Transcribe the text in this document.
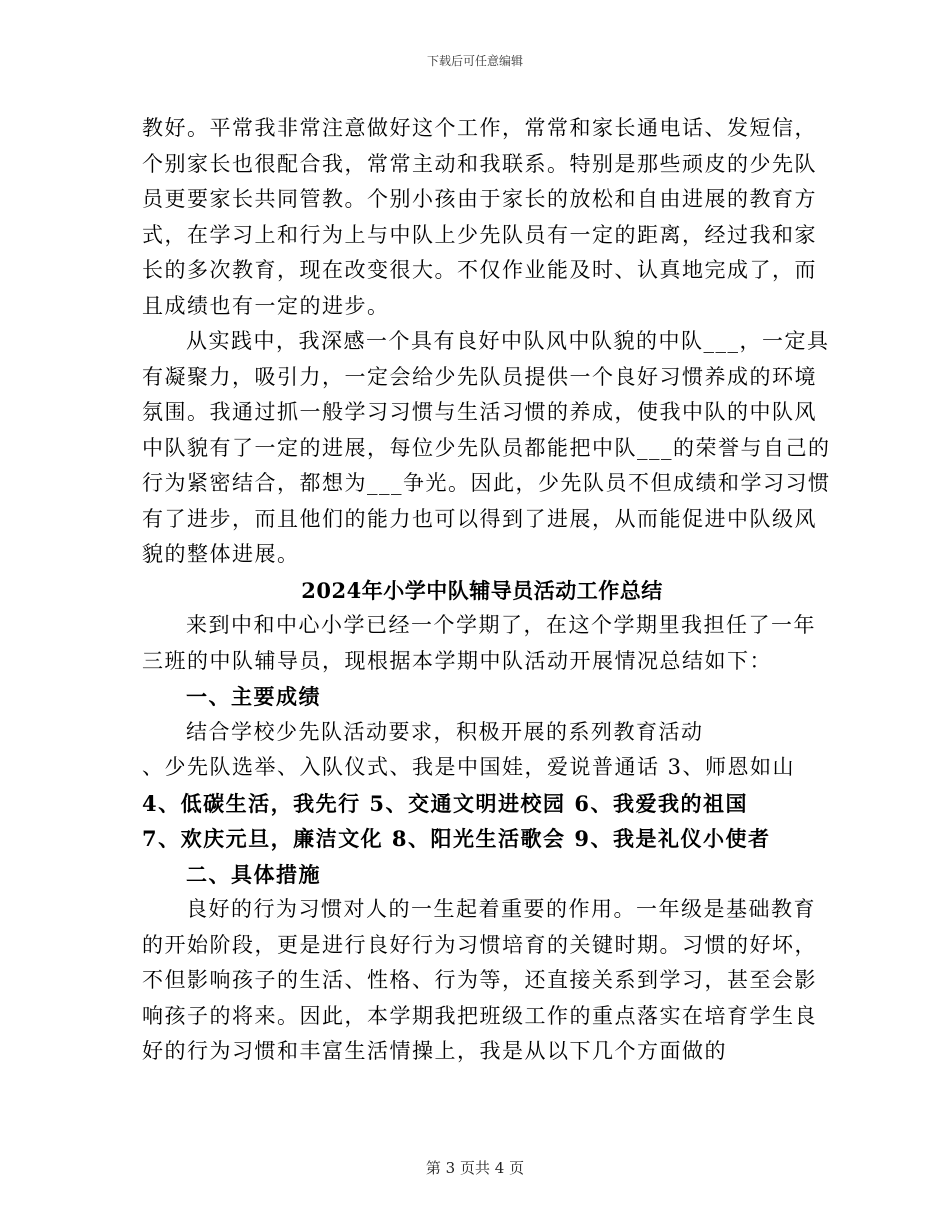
下载后可任意编辑
教好。平常我非常注意做好这个工作，常常和家长通电话、发短信，
个别家长也很配合我，常常主动和我联系。特别是那些顽皮的少先队
员更要家长共同管教。个别小孩由于家长的放松和自由进展的教育方
式，在学习上和行为上与中队上少先队员有一定的距离，经过我和家
长的多次教育，现在改变很大。不仅作业能及时、认真地完成了，而
且成绩也有一定的进步。
从实践中，我深感一个具有良好中队风中队貌的中队___，一定具
有凝聚力，吸引力，一定会给少先队员提供一个良好习惯养成的环境
氛围。我通过抓一般学习习惯与生活习惯的养成，使我中队的中队风
中队貌有了一定的进展，每位少先队员都能把中队___的荣誉与自己的
行为紧密结合，都想为___争光。因此，少先队员不但成绩和学习习惯
有了进步，而且他们的能力也可以得到了进展，从而能促进中队级风
貌的整体进展。
2024年小学中队辅导员活动工作总结
来到中和中心小学已经一个学期了，在这个学期里我担任了一年
三班的中队辅导员，现根据本学期中队活动开展情况总结如下：
一、主要成绩
结合学校少先队活动要求，积极开展的系列教育活动
、少先队选举、入队仪式、我是中国娃，爱说普通话 3、师恩如山
4、低碳生活，我先行 5、交通文明进校园 6、我爱我的祖国
7、欢庆元旦，廉洁文化 8、阳光生活歌会 9、我是礼仪小使者
二、具体措施
良好的行为习惯对人的一生起着重要的作用。一年级是基础教育
的开始阶段，更是进行良好行为习惯培育的关键时期。习惯的好坏，
不但影响孩子的生活、性格、行为等，还直接关系到学习，甚至会影
响孩子的将来。因此，本学期我把班级工作的重点落实在培育学生良
好的行为习惯和丰富生活情操上，我是从以下几个方面做的
第 3 页共 4 页
